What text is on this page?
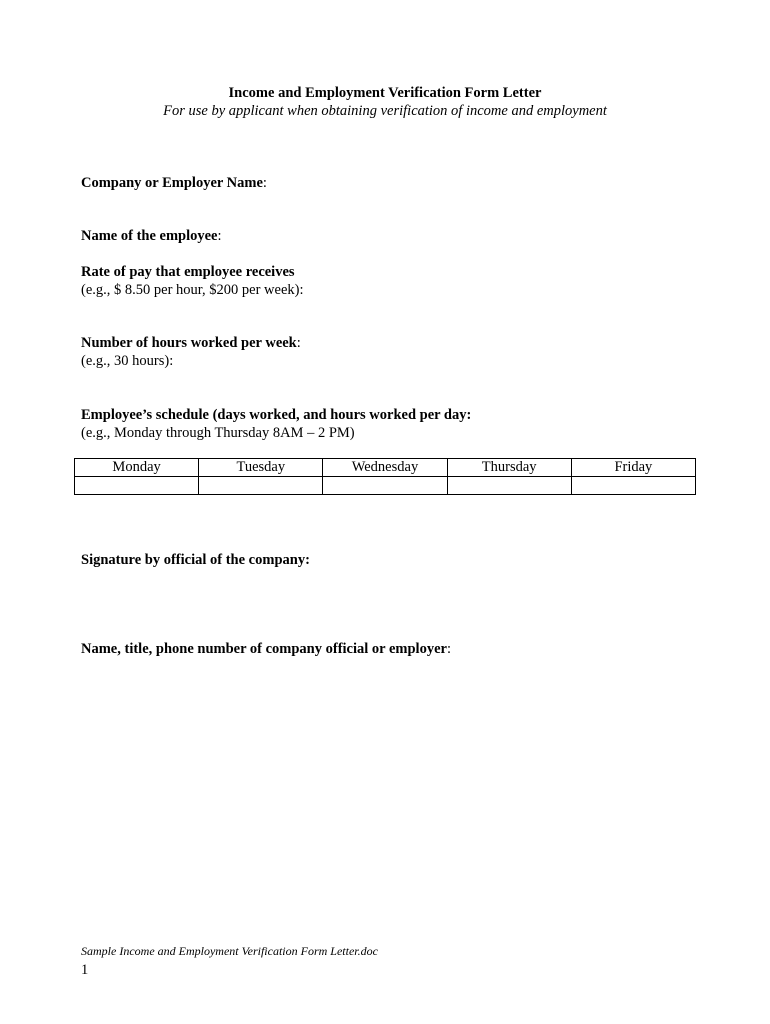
Income and Employment Verification Form Letter
For use by applicant when obtaining verification of income and employment
Company or Employer Name:
Name of the employee:
Rate of pay that employee receives
(e.g., $ 8.50 per hour, $200 per week):
Number of hours worked per week:
(e.g., 30 hours):
Employee’s schedule (days worked, and hours worked per day:
(e.g., Monday through Thursday 8AM – 2 PM)
Monday	Tuesday	Wednesday	Thursday	Friday

Signature by official of the company:
Name, title, phone number of company official or employer:
Sample Income and Employment Verification Form Letter.doc
1
